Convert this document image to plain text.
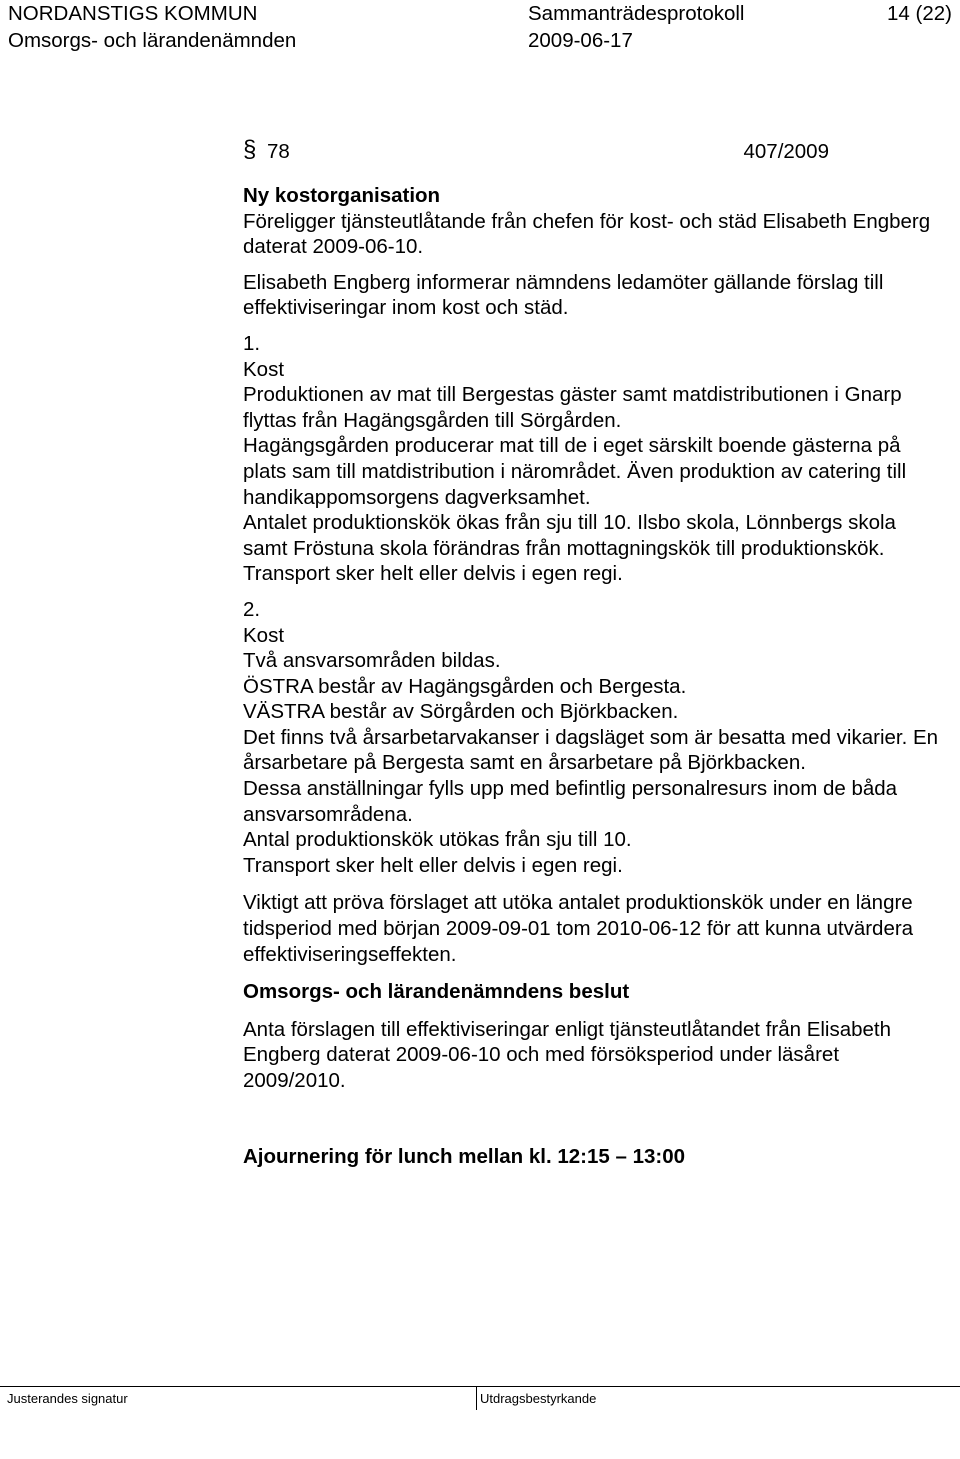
NORDANSTIGS KOMMUN	Sammanträdesprotokoll	14 (22)
Omsorgs- och lärandenämnden	2009-06-17
§ 78	407/2009

Ny kostorganisation

Föreligger tjänsteutlåtande från chefen för kost- och städ Elisabeth Engberg daterat 2009-06-10.

Elisabeth Engberg informerar nämndens ledamöter gällande förslag till effektiviseringar inom kost och städ.

1.

Kost

Produktionen av mat till Bergestas gäster samt matdistributionen i Gnarp flyttas från Hagängsgården till Sörgården.

Hagängsgården producerar mat till de i eget särskilt boende gästerna på plats sam till matdistribution i närområdet. Även produktion av catering till handikappomsorgens dagverksamhet.

Antalet produktionskök ökas från sju till 10. Ilsbo skola, Lönnbergs skola samt Fröstuna skola förändras från mottagningskök till produktionskök.

Transport sker helt eller delvis i egen regi.

2.

Kost

Två ansvarsområden bildas.

ÖSTRA består av Hagängsgården och Bergesta.

VÄSTRA består av Sörgården och Björkbacken.

Det finns två årsarbetarvakanser i dagsläget som är besatta med vikarier. En årsarbetare på Bergesta samt en årsarbetare på Björkbacken.

Dessa anställningar fylls upp med befintlig personalresurs inom de båda ansvarsområdena.

Antal produktionskök utökas från sju till 10.

Transport sker helt eller delvis i egen regi.

Viktigt att pröva förslaget att utöka antalet produktionskök under en längre tidsperiod med början 2009-09-01 tom 2010-06-12 för att kunna utvärdera effektiviseringseffekten.

Omsorgs- och lärandenämndens beslut

Anta förslagen till effektiviseringar enligt tjänsteutlåtandet från Elisabeth Engberg daterat 2009-06-10 och med försöksperiod under läsåret 2009/2010.

Ajournering för lunch mellan kl. 12:15 – 13:00

Justerandes signatur	Utdragsbestyrkande
